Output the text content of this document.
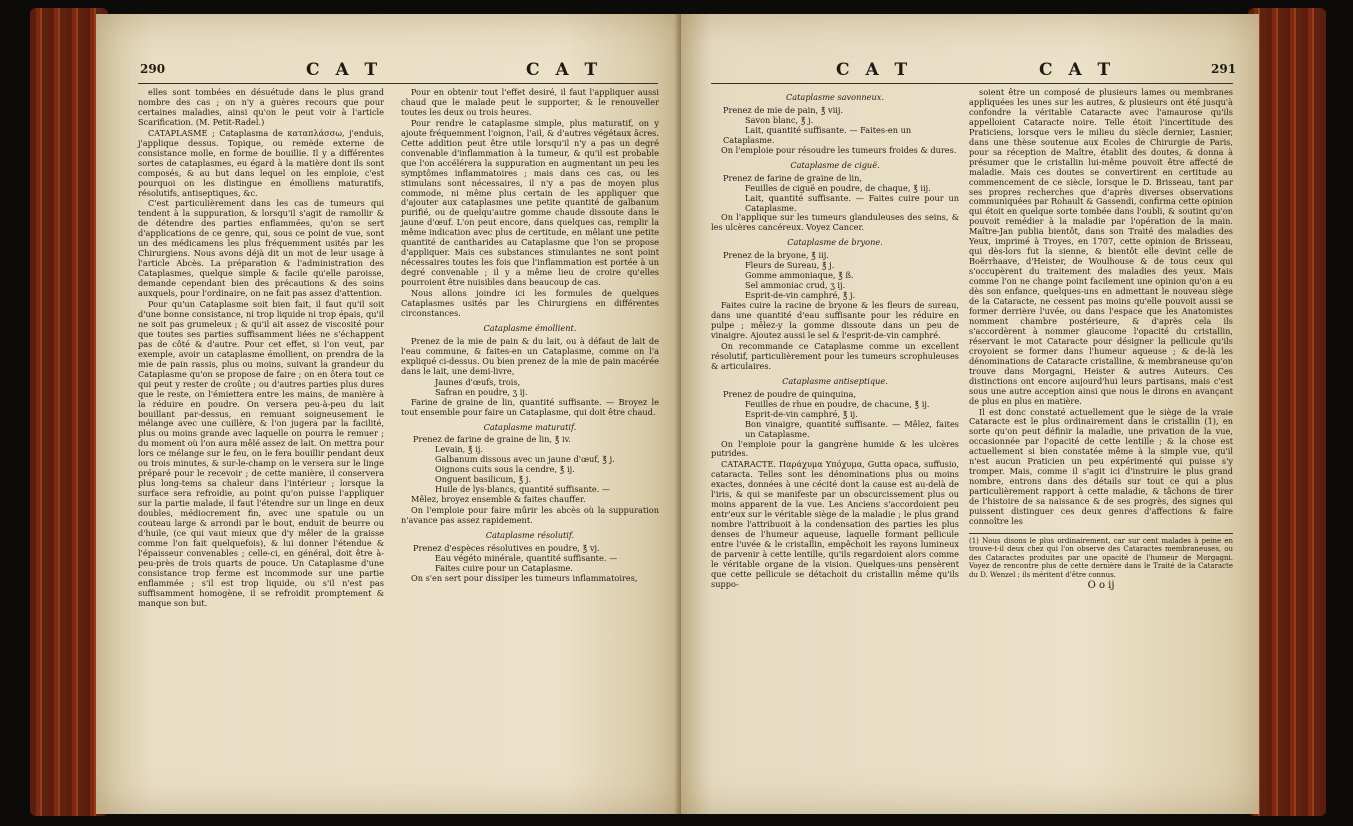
290	C A T	C A T

elles sont tombées en désuétude dans le plus grand nombre des cas ; on n'y a guères recours que pour certaines maladies, ainsi qu'on le peut voir à l'article Scarification. (M. Petit-Radel.)

CATAPLASME ; Cataplasma de καταπλάσσω, j'enduis, j'applique dessus. Topique, ou remède externe de consistance molle, en forme de bouillie. Il y a différentes sortes de cataplasmes, eu égard à la matière dont ils sont composés, & au but dans lequel on les emploie, c'est pourquoi on les distingue en émolliens maturatifs, résolutifs, antiseptiques, &c.

C'est particulièrement dans les cas de tumeurs qui tendent à la suppuration, & lorsqu'il s'agit de ramollir & de détendre des parties enflammées, qu'on se sert d'applications de ce genre, qui, sous ce point de vue, sont un des médicamens les plus fréquemment usités par les Chirurgiens. Nous avons déjà dit un mot de leur usage à l'article Abcès. La préparation & l'administration des Cataplasmes, quelque simple & facile qu'elle paroisse, demande cependant bien des précautions & des soins auxquels, pour l'ordinaire, on ne fait pas assez d'attention.

Pour qu'un Cataplasme soit bien fait, il faut qu'il soit d'une bonne consistance, ni trop liquide ni trop épais, qu'il ne soit pas grumeleux ; & qu'il ait assez de viscosité pour que toutes ses parties suffisamment liées ne s'échappent pas de côté & d'autre. Pour cet effet, si l'on veut, par exemple, avoir un cataplasme émollient, on prendra de la mie de pain rassis, plus ou moins, suivant la grandeur du Cataplasme qu'on se propose de faire ; on en ôtera tout ce qui peut y rester de croûte ; ou d'autres parties plus dures que le reste, on l'émiettera entre les mains, de manière à la réduire en poudre. On versera peu-à-peu du lait bouillant par-dessus, en remuant soigneusement le mélange avec une cuillère, & l'on jugera par la facilité, plus ou moins grande avec laquelle on pourra le remuer ; du moment où l'on aura mêlé assez de lait. On mettra pour lors ce mélange sur le feu, on le fera bouillir pendant deux ou trois minutes, & sur-le-champ on le versera sur le linge préparé pour le recevoir ; de cette manière, il conservera plus long-tems sa chaleur dans l'intérieur ; lorsque la surface sera refroidie, au point qu'on puisse l'appliquer sur la partie malade, il faut l'étendre sur un linge en deux doubles, médiocrement fin, avec une spatule ou un couteau large & arrondi par le bout, enduit de beurre ou d'huile, (ce qui vaut mieux que d'y mêler de la graisse comme l'on fait quelquefois), & lui donner l'étendue & l'épaisseur convenables ; celle-ci, en général, doit être à-peu-près de trois quarts de pouce. Un Cataplasme d'une consistance trop ferme est incommode sur une partie enflammée ; s'il est trop liquide, ou s'il n'est pas suffisamment homogène, il se refroidit promptement & manque son but.

Pour en obtenir tout l'effet desiré, il faut l'appliquer aussi chaud que le malade peut le supporter, & le renouveller toutes les deux ou trois heures.

Pour rendre le cataplasme simple, plus maturatif, on y ajoute fréquemment l'oignon, l'ail, & d'autres végétaux âcres. Cette addition peut être utile lorsqu'il n'y a pas un degré convenable d'inflammation à la tumeur, & qu'il est probable que l'on accélérera la suppuration en augmentant un peu les symptômes inflammatoires ; mais dans ces cas, ou les stimulans sont nécessaires, il n'y a pas de moyen plus commode, ni même plus certain de les appliquer que d'ajouter aux cataplasmes une petite quantité de galbanum purifié, ou de quelqu'autre gomme chaude dissoute dans le jaune d'œuf. L'on peut encore, dans quelques cas, remplir la même indication avec plus de certitude, en mêlant une petite quantité de cantharides au Cataplasme que l'on se propose d'appliquer. Mais ces substances stimulantes ne sont point nécessaires toutes les fois que l'inflammation est portée à un degré convenable ; il y a même lieu de croire qu'elles pourroient être nuisibles dans beaucoup de cas.

Nous allons joindre ici les formules de quelques Cataplasmes usités par les Chirurgiens en différentes circonstances.

Cataplasme émollient.

Prenez de la mie de pain & du lait, ou à défaut de lait de l'eau commune, & faites-en un Cataplasme, comme on l'a expliqué ci-dessus. Ou bien prenez de la mie de pain macérée dans le lait, une demi-livre,

Jaunes d'œufs, trois,

Safran en poudre, ʒ ij.

Farine de graine de lin, quantité suffisante. — Broyez le tout ensemble pour faire un Cataplasme, qui doit être chaud.

Cataplasme maturatif.

Prenez de farine de graine de lin, ℥ iv.

Levain, ℥ ij.

Galbanum dissous avec un jaune d'œuf, ℥ j.

Oignons cuits sous la cendre, ℥ ij.

Onguent basilicum, ℥ j.

Huile de lys-blancs, quantité suffisante. —

Mêlez, broyez ensemble & faites chauffer.

On l'emploie pour faire mûrir les abcès où la suppuration n'avance pas assez rapidement.

Cataplasme résolutif.

Prenez d'espèces résolutives en poudre, ℥ vj.

Eau végéto minérale, quantité suffisante. —

Faites cuire pour un Cataplasme.

On s'en sert pour dissiper les tumeurs inflammatoires,

C A T	C A T	291

Cataplasme savonneux.

Prenez de mie de pain, ℥ viij.

Savon blanc, ℥ j.

Lait, quantité suffisante. — Faites-en un

Cataplasme.

On l'emploie pour résoudre les tumeurs froides & dures.

Cataplasme de ciguë.

Prenez de farine de graine de lin,

Feuilles de ciguë en poudre, de chaque, ℥ iij.

Lait, quantité suffisante. — Faites cuire pour un Cataplasme.

On l'applique sur les tumeurs glanduleuses des seins, & les ulcères cancéreux. Voyez Cancer.

Cataplasme de bryone.

Prenez de la bryone, ℥ iij.

Fleurs de Sureau, ℥ j.

Gomme ammoniaque, ℥ ß.

Sel ammoniac crud, ʒ ij.

Esprit-de-vin camphré, ℥ j.

Faites cuire la racine de bryone & les fleurs de sureau, dans une quantité d'eau suffisante pour les réduire en pulpe ; mêlez-y la gomme dissoute dans un peu de vinaigre. Ajoutez aussi le sel & l'esprit-de-vin camphré.

On recommande ce Cataplasme comme un excellent résolutif, particulièrement pour les tumeurs scrophuleuses & articulaires.

Cataplasme antiseptique.

Prenez de poudre de quinquina,

Feuilles de rhue en poudre, de chacune, ℥ ij.

Esprit-de-vin camphré, ℥ ij.

Bon vinaigre, quantité suffisante. — Mêlez, faites un Cataplasme.

On l'emploie pour la gangrène humide & les ulcères putrides.

CATARACTE. Παράχυμα Υπόχυμα, Gutta opaca, suffusio, cataracta. Telles sont les dénominations plus ou moins exactes, données à une cécité dont la cause est au-delà de l'iris, & qui se manifeste par un obscurcissement plus ou moins apparent de la vue. Les Anciens s'accordoient peu entr'eux sur le véritable siège de la maladie ; le plus grand nombre l'attribuoit à la condensation des parties les plus denses de l'humeur aqueuse, laquelle formant pellicule entre l'uvée & le cristallin, empêchoit les rayons lumineux de parvenir à cette lentille, qu'ils regardoient alors comme le véritable organe de la vision. Quelques-uns pensèrent que cette pellicule se détachoit du cristallin même qu'ils suppo-

soient être un composé de plusieurs lames ou membranes appliquées les unes sur les autres, & plusieurs ont été jusqu'à confondre la véritable Cataracte avec l'amaurose qu'ils appelloient Cataracte noire. Telle étoit l'incertitude des Praticiens, lorsque vers le milieu du siècle dernier, Lasnier, dans une thèse soutenue aux Ecoles de Chirurgie de Paris, pour sa réception de Maître, établit des doutes, & donna à présumer que le cristallin lui-même pouvoit être affecté de maladie. Mais ces doutes se convertirent en certitude au commencement de ce siècle, lorsque le D. Brisseau, tant par ses propres recherches que d'après diverses observations communiquées par Rohault & Gassendi, confirma cette opinion qui étoit en quelque sorte tombée dans l'oubli, & soutint qu'on pouvoit remédier à la maladie par l'opération de la main. Maître-Jan publia bientôt, dans son Traité des maladies des Yeux, imprimé à Troyes, en 1707, cette opinion de Brisseau, qui dès-lors fut la sienne, & bientôt elle devint celle de Boërrhaave, d'Heister, de Woulhouse & de tous ceux qui s'occupèrent du traitement des maladies des yeux. Mais comme l'on ne change point facilement une opinion qu'on a eu dès son enfance, quelques-uns en admettant le nouveau siège de la Cataracte, ne cessent pas moins qu'elle pouvoit aussi se former derrière l'uvée, ou dans l'espace que les Anatomistes nomment chambre postérieure, & d'après cela ils s'accordèrent à nommer glaucome l'opacité du cristallin, réservant le mot Cataracte pour désigner la pellicule qu'ils croyoient se former dans l'humeur aqueuse ; & de-là les dénominations de Cataracte cristalline, & membraneuse qu'on trouve dans Morgagni, Heister & autres Auteurs. Ces distinctions ont encore aujourd'hui leurs partisans, mais c'est sous une autre acception ainsi que nous le dirons en avançant de plus en plus en matière.

Il est donc constaté actuellement que le siège de la vraie Cataracte est le plus ordinairement dans le cristallin (1), en sorte qu'on peut définir la maladie, une privation de la vue, occasionnée par l'opacité de cette lentille ; & la chose est actuellement si bien constatée même à la simple vue, qu'il n'est aucun Praticien un peu expérimenté qui puisse s'y tromper. Mais, comme il s'agit ici d'instruire le plus grand nombre, entrons dans des détails sur tout ce qui a plus particulièrement rapport à cette maladie, & tâchons de tirer de l'histoire de sa naissance & de ses progrès, des signes qui puissent distinguer ces deux genres d'affections & faire connoître les

(1) Nous disons le plus ordinairement, car sur cent malades à peine en trouve-t-il deux chez qui l'on observe des Cataractes membraneuses, ou des Cataractes produites par une opacité de l'humeur de Morgagni. Voyez de rencontre plus de cette dernière dans le Traité de la Cataracte du D. Wenzel ; ils méritent d'être connus.
O o ij
